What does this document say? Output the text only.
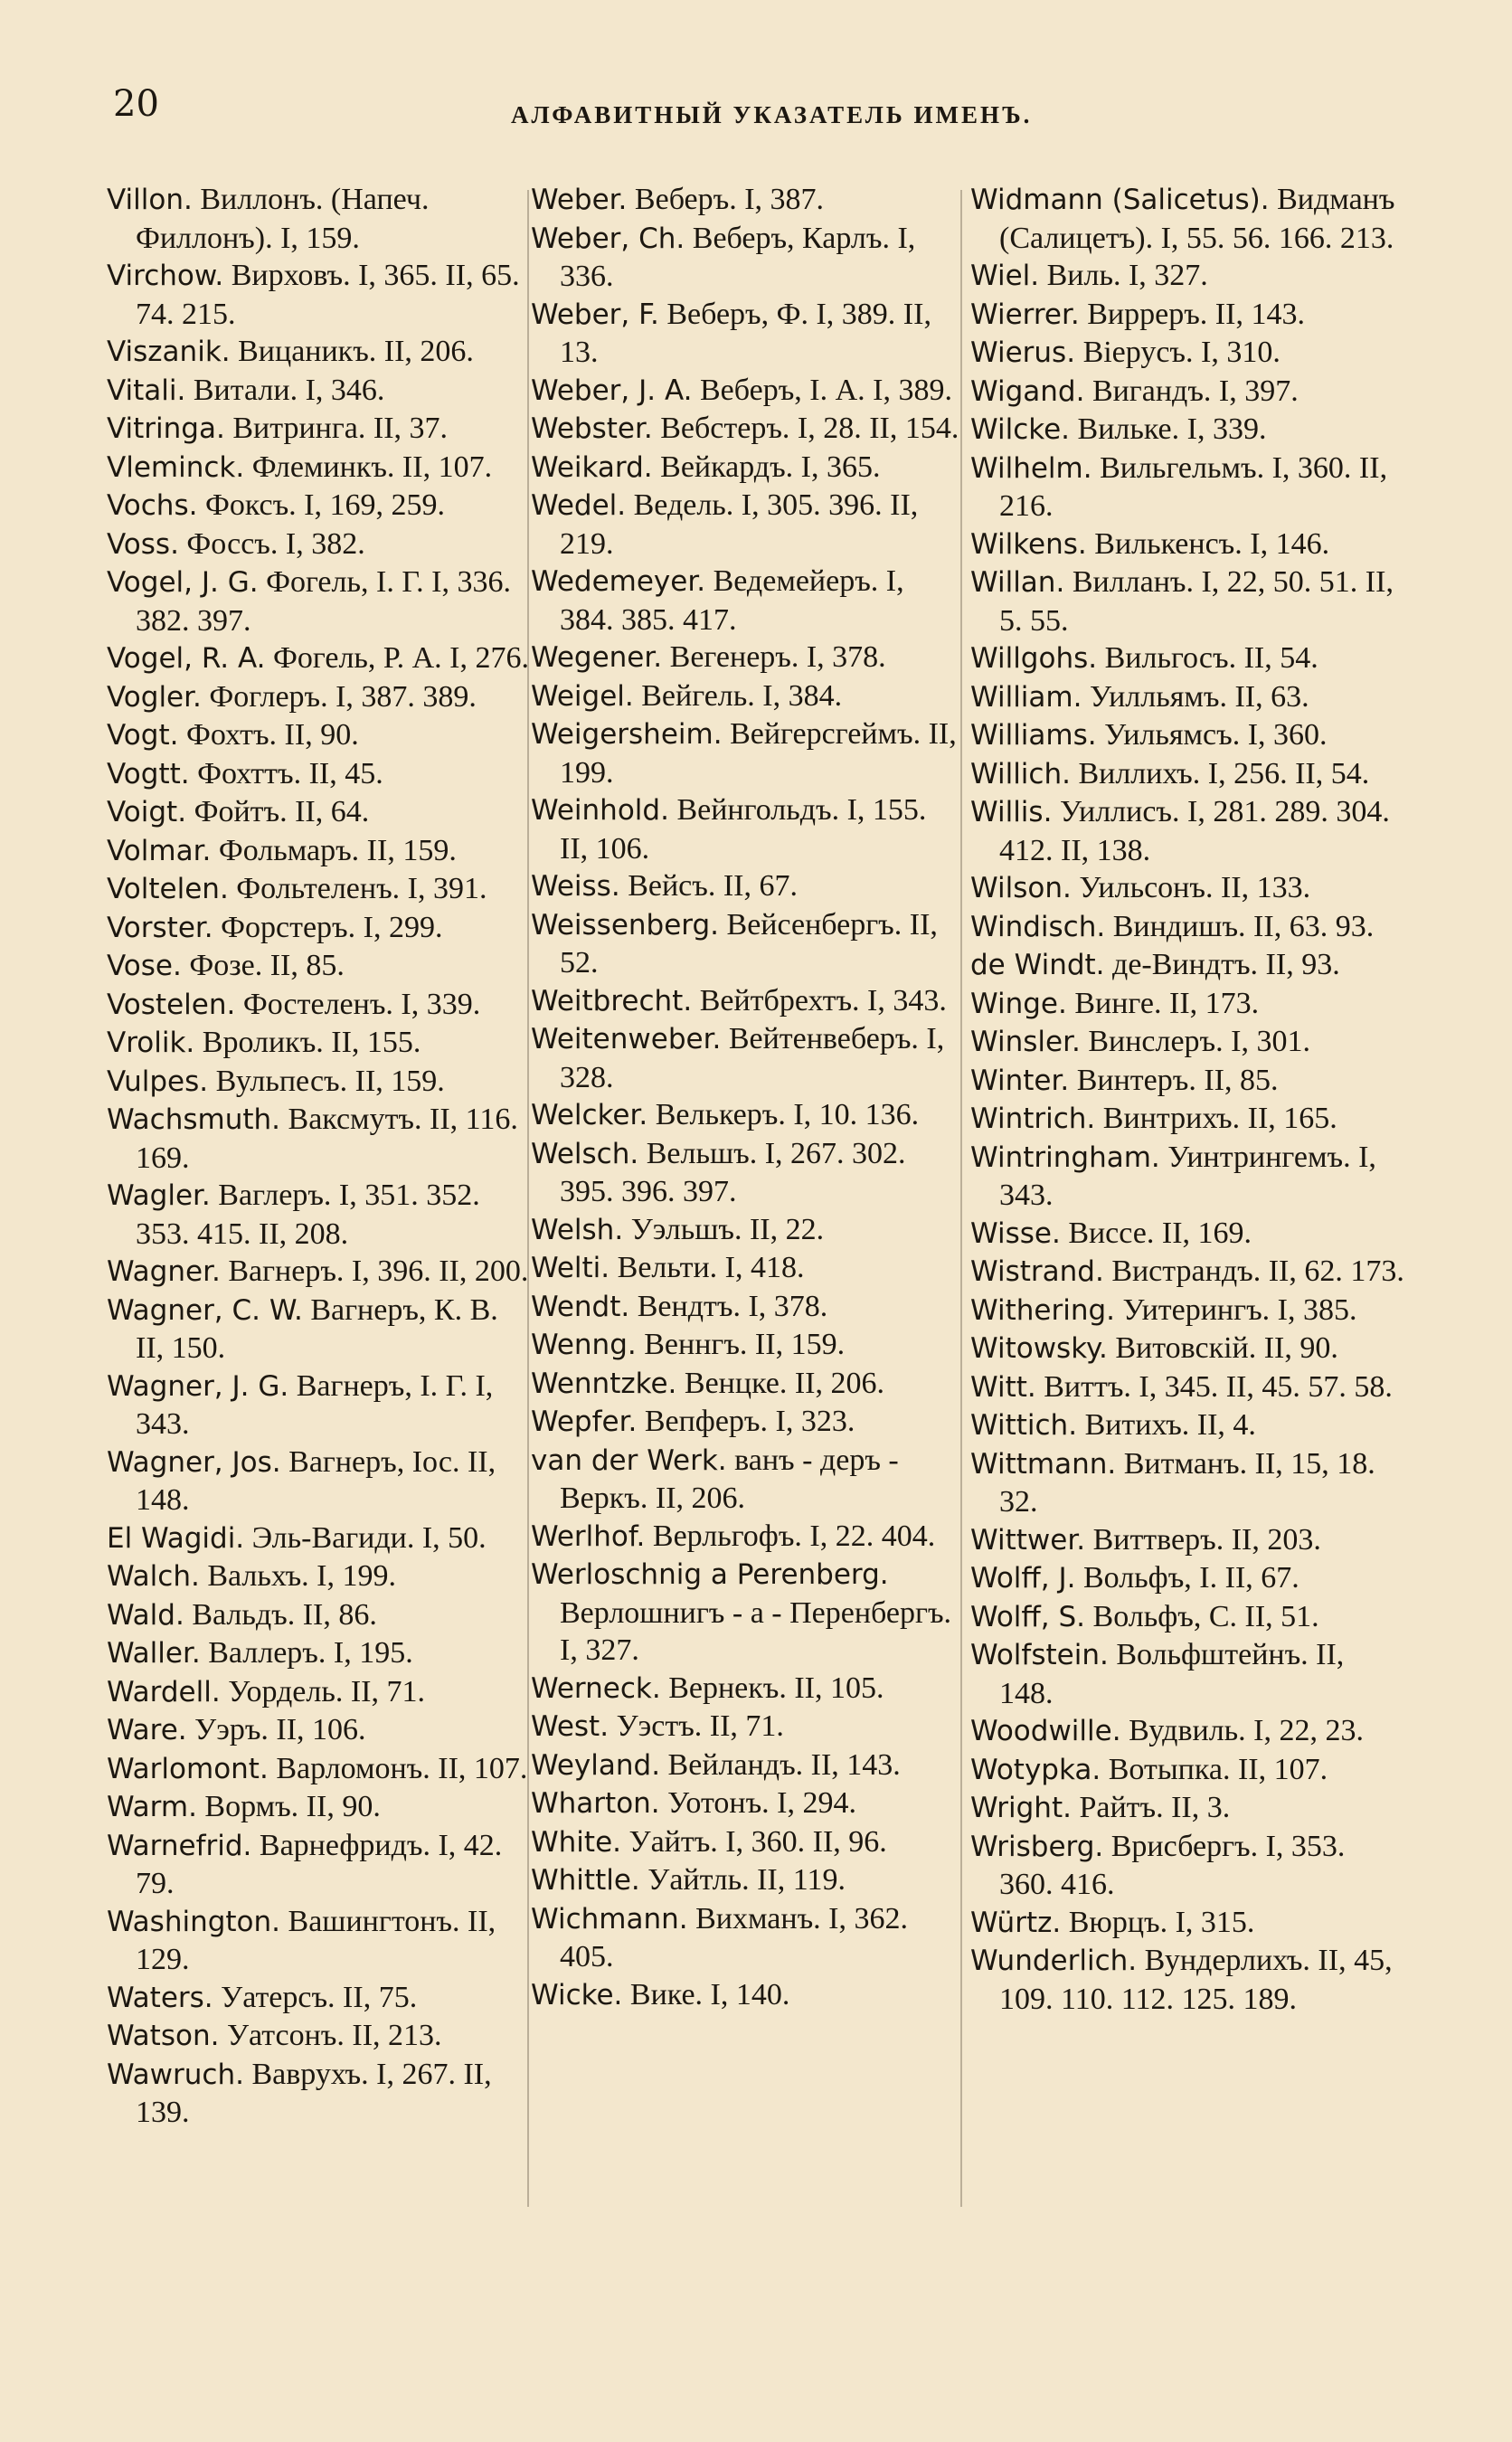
20	АЛФАВИТНЫЙ УКАЗАТЕЛЬ ИМЕНЪ.

Villon. Виллонъ. (Напеч. Филлонъ). I, 159.

Virchow. Вирховъ. I, 365. II, 65. 74. 215.

Viszanik. Вицаникъ. II, 206.

Vitali. Витали. I, 346.

Vitringa. Витринга. II, 37.

Vleminck. Флеминкъ. II, 107.

Vochs. Фоксъ. I, 169, 259.

Voss. Фоссъ. I, 382.

Vogel, J. G. Фогель, I. Г. I, 336. 382. 397.

Vogel, R. A. Фогель, Р. А. I, 276.

Vogler. Фоглеръ. I, 387. 389.

Vogt. Фохтъ. II, 90.

Vogtt. Фохттъ. II, 45.

Voigt. Фойтъ. II, 64.

Volmar. Фольмаръ. II, 159.

Voltelen. Фольтеленъ. I, 391.

Vorster. Форстеръ. I, 299.

Vose. Фозе. II, 85.

Vostelen. Фостеленъ. I, 339.

Vrolik. Вроликъ. II, 155.

Vulpes. Вульпесъ. II, 159.

Wachsmuth. Ваксмутъ. II, 116. 169.

Wagler. Ваглеръ. I, 351. 352. 353. 415. II, 208.

Wagner. Вагнеръ. I, 396. II, 200.

Wagner, C. W. Вагнеръ, К. В. II, 150.

Wagner, J. G. Вагнеръ, I. Г. I, 343.

Wagner, Jos. Вагнеръ, Iос. II, 148.

El Wagidi. Эль-Вагиди. I, 50.

Walch. Вальхъ. I, 199.

Wald. Вальдъ. II, 86.

Waller. Валлеръ. I, 195.

Wardell. Уордель. II, 71.

Ware. Уэръ. II, 106.

Warlomont. Варломонъ. II, 107.

Warm. Вормъ. II, 90.

Warnefrid. Варнефридъ. I, 42. 79.

Washington. Вашингтонъ. II, 129.

Waters. Уатерсъ. II, 75.

Watson. Уатсонъ. II, 213.

Wawruch. Ваврухъ. I, 267. II, 139.

Weber. Веберъ. I, 387.

Weber, Ch. Веберъ, Карлъ. I, 336.

Weber, F. Веберъ, Ф. I, 389. II, 13.

Weber, J. A. Веберъ, I. А. I, 389.

Webster. Вебстеръ. I, 28. II, 154.

Weikard. Вейкардъ. I, 365.

Wedel. Ведель. I, 305. 396. II, 219.

Wedemeyer. Ведемейеръ. I, 384. 385. 417.

Wegener. Вегенеръ. I, 378.

Weigel. Вейгель. I, 384.

Weigersheim. Вейгерсгеймъ. II, 199.

Weinhold. Вейнгольдъ. I, 155. II, 106.

Weiss. Вейсъ. II, 67.

Weissenberg. Вейсенбергъ. II, 52.

Weitbrecht. Вейтбрехтъ. I, 343.

Weitenweber. Вейтенвеберъ. I, 328.

Welcker. Велькеръ. I, 10. 136.

Welsch. Вельшъ. I, 267. 302. 395. 396. 397.

Welsh. Уэльшъ. II, 22.

Welti. Вельти. I, 418.

Wendt. Вендтъ. I, 378.

Wenng. Веннгъ. II, 159.

Wenntzke. Венцке. II, 206.

Wepfer. Вепферъ. I, 323.

van der Werk. ванъ - деръ - Веркъ. II, 206.

Werlhof. Верльгофъ. I, 22. 404.

Werloschnig a Perenberg. Верлошнигъ - а - Перенбергъ. I, 327.

Werneck. Вернекъ. II, 105.

West. Уэстъ. II, 71.

Weyland. Вейландъ. II, 143.

Wharton. Уотонъ. I, 294.

White. Уайтъ. I, 360. II, 96.

Whittle. Уайтль. II, 119.

Wichmann. Вихманъ. I, 362. 405.

Wicke. Вике. I, 140.

Widmann (Salicetus). Видманъ (Салицетъ). I, 55. 56. 166. 213.

Wiel. Виль. I, 327.

Wierrer. Вирреръ. II, 143.

Wierus. Вiерусъ. I, 310.

Wigand. Вигандъ. I, 397.

Wilcke. Вильке. I, 339.

Wilhelm. Вильгельмъ. I, 360. II, 216.

Wilkens. Вилькенсъ. I, 146.

Willan. Вилланъ. I, 22, 50. 51. II, 5. 55.

Willgohs. Вильгосъ. II, 54.

William. Уилльямъ. II, 63.

Williams. Уильямсъ. I, 360.

Willich. Виллихъ. I, 256. II, 54.

Willis. Уиллисъ. I, 281. 289. 304. 412. II, 138.

Wilson. Уильсонъ. II, 133.

Windisch. Виндишъ. II, 63. 93.

de Windt. де-Виндтъ. II, 93.

Winge. Винге. II, 173.

Winsler. Винслеръ. I, 301.

Winter. Винтеръ. II, 85.

Wintrich. Винтрихъ. II, 165.

Wintringham. Уинтрингемъ. I, 343.

Wisse. Виссе. II, 169.

Wistrand. Вистрандъ. II, 62. 173.

Withering. Уитерингъ. I, 385.

Witowsky. Витовскiй. II, 90.

Witt. Виттъ. I, 345. II, 45. 57. 58.

Wittich. Витихъ. II, 4.

Wittmann. Витманъ. II, 15, 18. 32.

Wittwer. Виттверъ. II, 203.

Wolff, J. Вольфъ, I. II, 67.

Wolff, S. Вольфъ, С. II, 51.

Wolfstein. Вольфштейнъ. II, 148.

Woodwille. Вудвиль. I, 22, 23.

Wotypka. Вотыпка. II, 107.

Wright. Райтъ. II, 3.

Wrisberg. Врисбергъ. I, 353. 360. 416.

Würtz. Вюрцъ. I, 315.

Wunderlich. Вундерлихъ. II, 45, 109. 110. 112. 125. 189.
